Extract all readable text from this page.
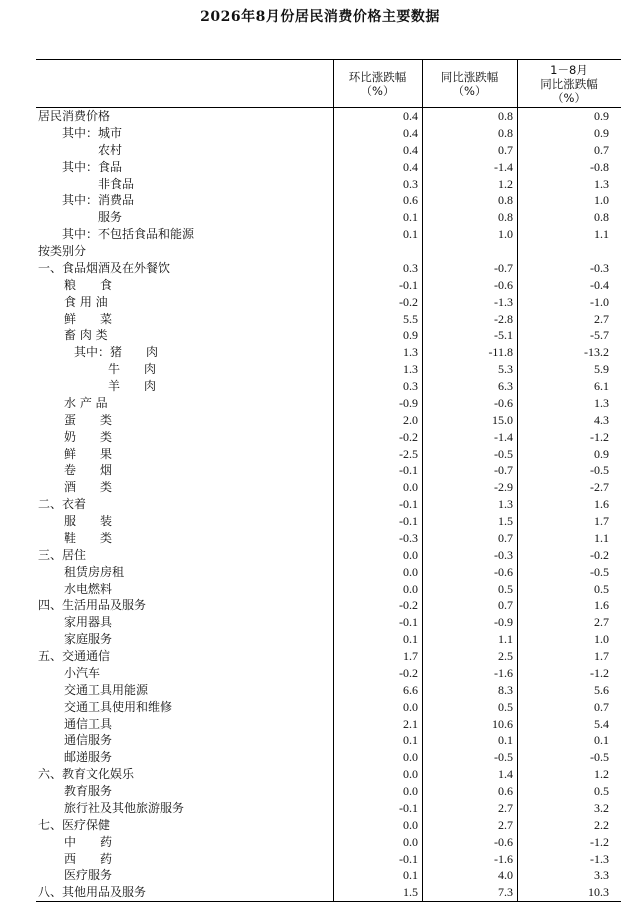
2026年8月份居民消费价格主要数据
环比涨跌幅
（%）
同比涨跌幅
（%）
1－8月
同比涨跌幅
（%）
居民消费价格	0.4	0.8	0.9
其中：城市	0.4	0.8	0.9
农村	0.4	0.7	0.7
其中：食品	0.4	-1.4	-0.8
非食品	0.3	1.2	1.3
其中：消费品	0.6	0.8	1.0
服务	0.1	0.8	0.8
其中：不包括食品和能源	0.1	1.0	1.1
按类别分
一、食品烟酒及在外餐饮	0.3	-0.7	-0.3
粮　　食	-0.1	-0.6	-0.4
食 用 油	-0.2	-1.3	-1.0
鲜　　菜	5.5	-2.8	2.7
畜 肉 类	0.9	-5.1	-5.7
其中：猪　　肉	1.3	-11.8	-13.2
牛　　肉	1.3	5.3	5.9
羊　　肉	0.3	6.3	6.1
水 产 品	-0.9	-0.6	1.3
蛋　　类	2.0	15.0	4.3
奶　　类	-0.2	-1.4	-1.2
鲜　　果	-2.5	-0.5	0.9
卷　　烟	-0.1	-0.7	-0.5
酒　　类	0.0	-2.9	-2.7
二、衣着	-0.1	1.3	1.6
服　　装	-0.1	1.5	1.7
鞋　　类	-0.3	0.7	1.1
三、居住	0.0	-0.3	-0.2
租赁房房租	0.0	-0.6	-0.5
水电燃料	0.0	0.5	0.5
四、生活用品及服务	-0.2	0.7	1.6
家用器具	-0.1	-0.9	2.7
家庭服务	0.1	1.1	1.0
五、交通通信	1.7	2.5	1.7
小汽车	-0.2	-1.6	-1.2
交通工具用能源	6.6	8.3	5.6
交通工具使用和维修	0.0	0.5	0.7
通信工具	2.1	10.6	5.4
通信服务	0.1	0.1	0.1
邮递服务	0.0	-0.5	-0.5
六、教育文化娱乐	0.0	1.4	1.2
教育服务	0.0	0.6	0.5
旅行社及其他旅游服务	-0.1	2.7	3.2
七、医疗保健	0.0	2.7	2.2
中　　药	0.0	-0.6	-1.2
西　　药	-0.1	-1.6	-1.3
医疗服务	0.1	4.0	3.3
八、其他用品及服务	1.5	7.3	10.3
